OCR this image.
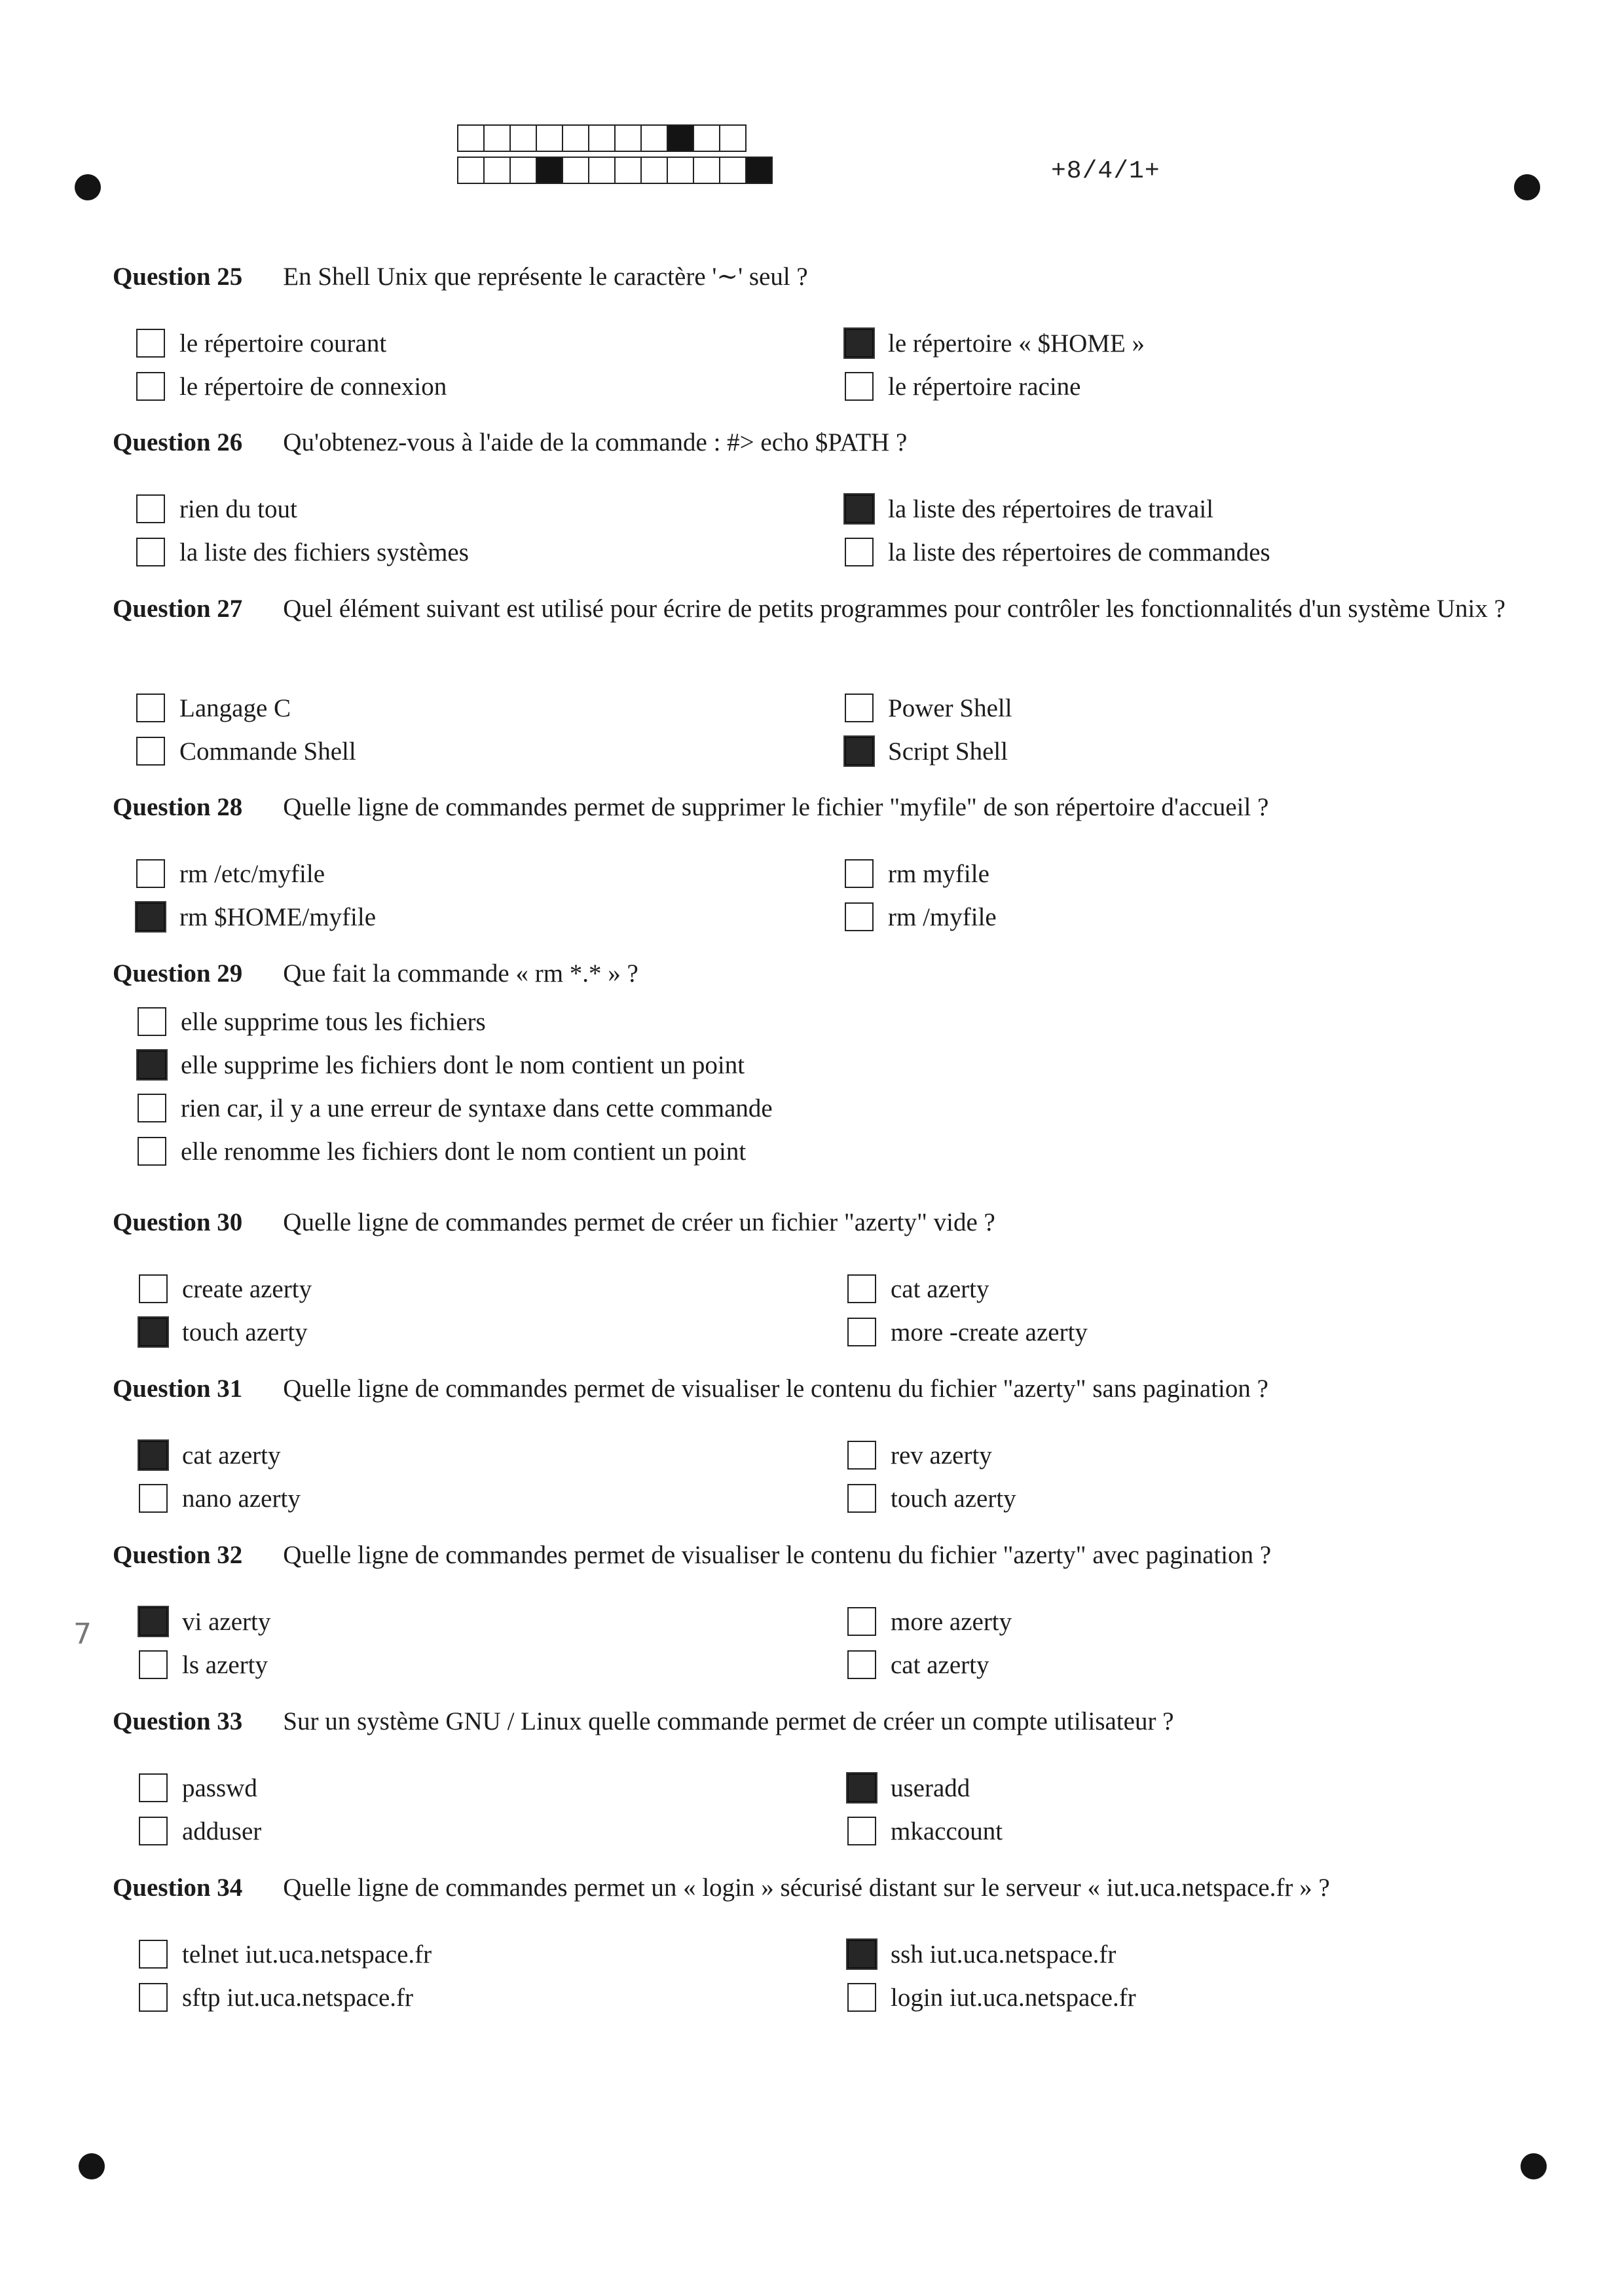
+8/4/1+
Question 25 En Shell Unix que représente le caractère '∼' seul ?
le répertoire courant
le répertoire de connexion
le répertoire « $HOME »
le répertoire racine
Question 26 Qu'obtenez-vous à l'aide de la commande : #> echo $PATH ?
rien du tout
la liste des fichiers systèmes
la liste des répertoires de travail
la liste des répertoires de commandes
Question 27 Quel élément suivant est utilisé pour écrire de petits programmes pour contrôler les fonctionnalités d'un système Unix ?
Langage C
Commande Shell
Power Shell
Script Shell
Question 28 Quelle ligne de commandes permet de supprimer le fichier "myfile" de son répertoire d'accueil ?
rm /etc/myfile
rm $HOME/myfile
rm myfile
rm /myfile
Question 29 Que fait la commande « rm *.* » ?
elle supprime tous les fichiers
elle supprime les fichiers dont le nom contient un point
rien car, il y a une erreur de syntaxe dans cette commande
elle renomme les fichiers dont le nom contient un point
Question 30 Quelle ligne de commandes permet de créer un fichier "azerty" vide ?
create azerty
touch azerty
cat azerty
more -create azerty
Question 31 Quelle ligne de commandes permet de visualiser le contenu du fichier "azerty" sans pagination ?
cat azerty
nano azerty
rev azerty
touch azerty
Question 32 Quelle ligne de commandes permet de visualiser le contenu du fichier "azerty" avec pagination ?
vi azerty
ls azerty
more azerty
cat azerty
Question 33 Sur un système GNU / Linux quelle commande permet de créer un compte utilisateur ?
passwd
adduser
useradd
mkaccount
Question 34 Quelle ligne de commandes permet un « login » sécurisé distant sur le serveur « iut.uca.netspace.fr » ?
telnet iut.uca.netspace.fr
sftp iut.uca.netspace.fr
ssh iut.uca.netspace.fr
login iut.uca.netspace.fr
7
